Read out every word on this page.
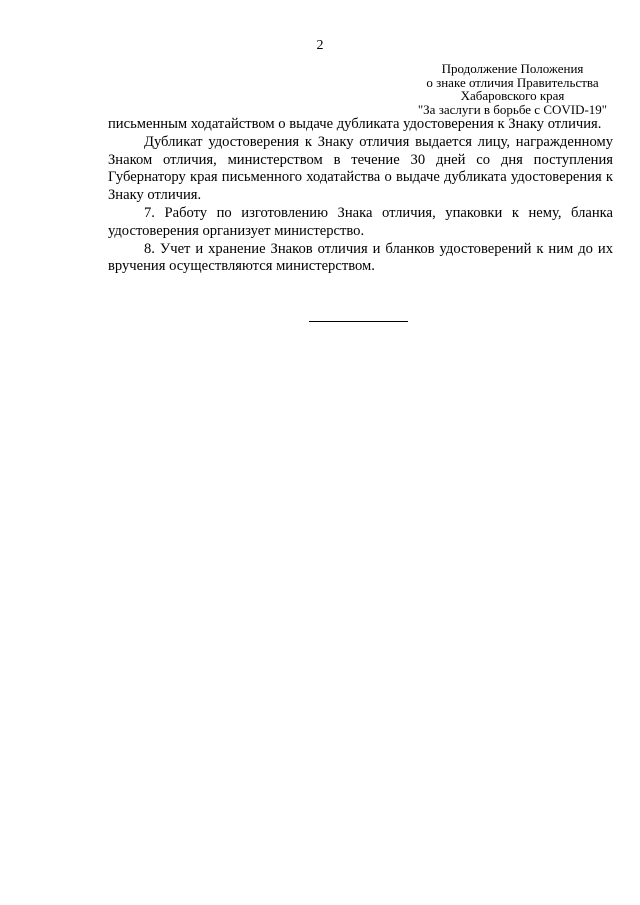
2
Продолжение Положения
о знаке отличия Правительства
Хабаровского края
"За заслуги в борьбе с COVID-19"

письменным ходатайством о выдаче дубликата удостоверения к Знаку отличия.

Дубликат удостоверения к Знаку отличия выдается лицу, награжденному Знаком отличия, министерством в течение 30 дней со дня поступления Губернатору края письменного ходатайства о выдаче дубликата удостоверения к Знаку отличия.

7. Работу по изготовлению Знака отличия, упаковки к нему, бланка удостоверения организует министерство.

8. Учет и хранение Знаков отличия и бланков удостоверений к ним до их вручения осуществляются министерством.
